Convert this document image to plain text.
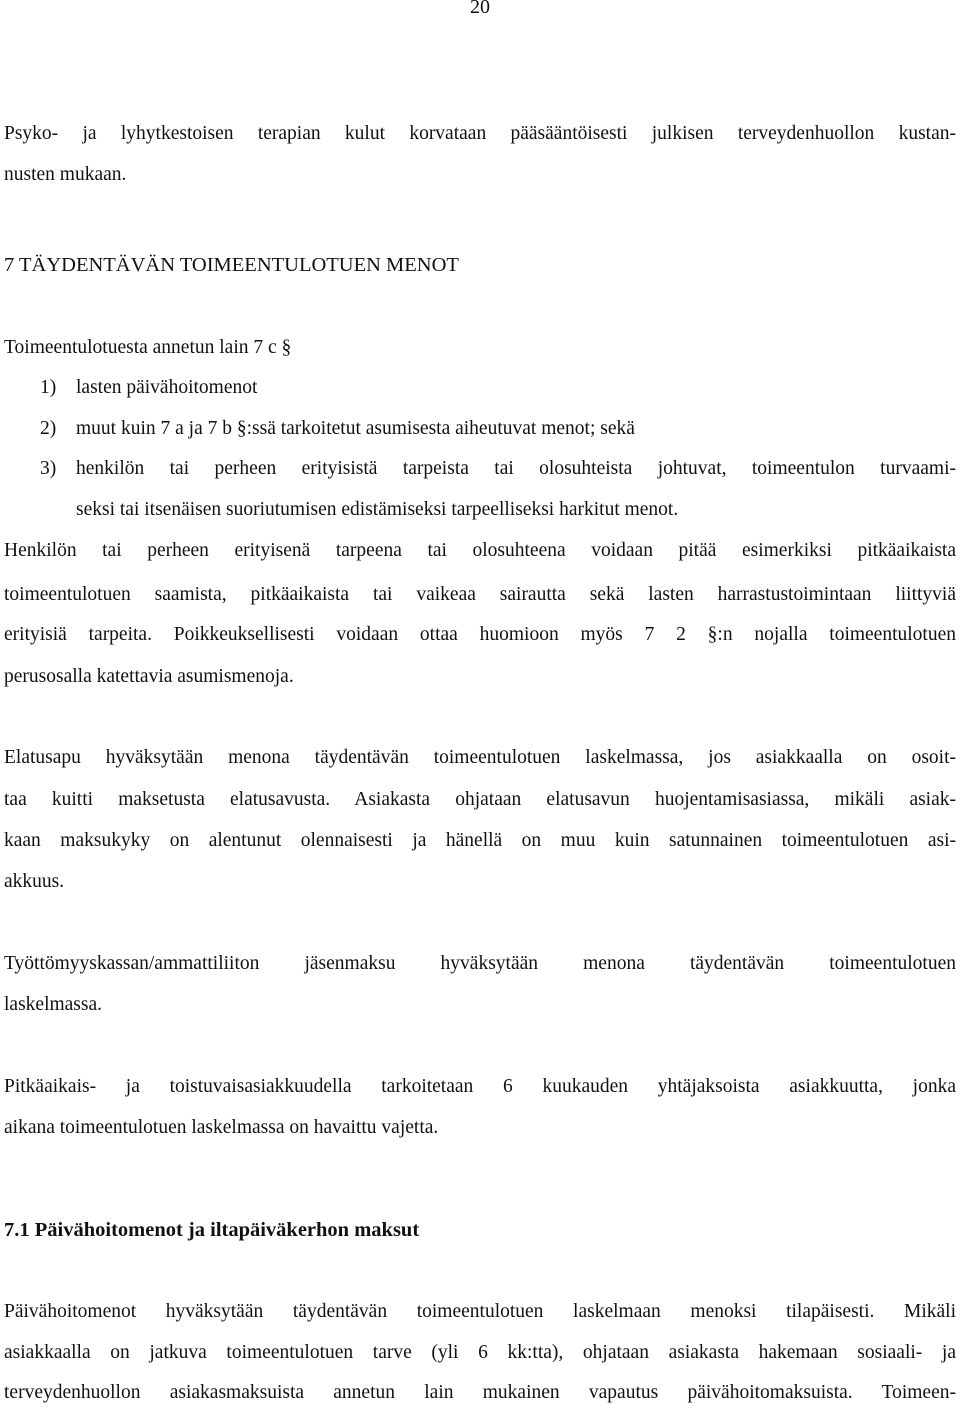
20
Psyko- ja lyhytkestoisen terapian kulut korvataan pääsääntöisesti julkisen terveydenhuollon kustan-
nusten mukaan.
7 TÄYDENTÄVÄN TOIMEENTULOTUEN MENOT
Toimeentulotuesta annetun lain 7 c §
1) lasten päivähoitomenot
2) muut kuin 7 a ja 7 b §:ssä tarkoitetut asumisesta aiheutuvat menot; sekä
3) henkilön tai perheen erityisistä tarpeista tai olosuhteista johtuvat, toimeentulon turvaami-
seksi tai itsenäisen suoriutumisen edistämiseksi tarpeelliseksi harkitut menot.
Henkilön tai perheen erityisenä tarpeena tai olosuhteena voidaan pitää esimerkiksi pitkäaikaista
toimeentulotuen saamista, pitkäaikaista tai vaikeaa sairautta sekä lasten harrastustoimintaan liittyviä
erityisiä tarpeita. Poikkeuksellisesti voidaan ottaa huomioon myös 7 2 §:n nojalla toimeentulotuen
perusosalla katettavia asumismenoja.
Elatusapu hyväksytään menona täydentävän toimeentulotuen laskelmassa, jos asiakkaalla on osoit-
taa kuitti maksetusta elatusavusta. Asiakasta ohjataan elatusavun huojentamisasiassa, mikäli asiak-
kaan maksukyky on alentunut olennaisesti ja hänellä on muu kuin satunnainen toimeentulotuen asi-
akkuus.
Työttömyyskassan/ammattiliiton jäsenmaksu hyväksytään menona täydentävän toimeentulotuen
laskelmassa.
Pitkäaikais- ja toistuvaisasiakkuudella tarkoitetaan 6 kuukauden yhtäjaksoista asiakkuutta, jonka
aikana toimeentulotuen laskelmassa on havaittu vajetta.
7.1 Päivähoitomenot ja iltapäiväkerhon maksut
Päivähoitomenot hyväksytään täydentävän toimeentulotuen laskelmaan menoksi tilapäisesti. Mikäli
asiakkaalla on jatkuva toimeentulotuen tarve (yli 6 kk:tta), ohjataan asiakasta hakemaan sosiaali- ja
terveydenhuollon asiakasmaksuista annetun lain mukainen vapautus päivähoitomaksuista. Toimeen-
